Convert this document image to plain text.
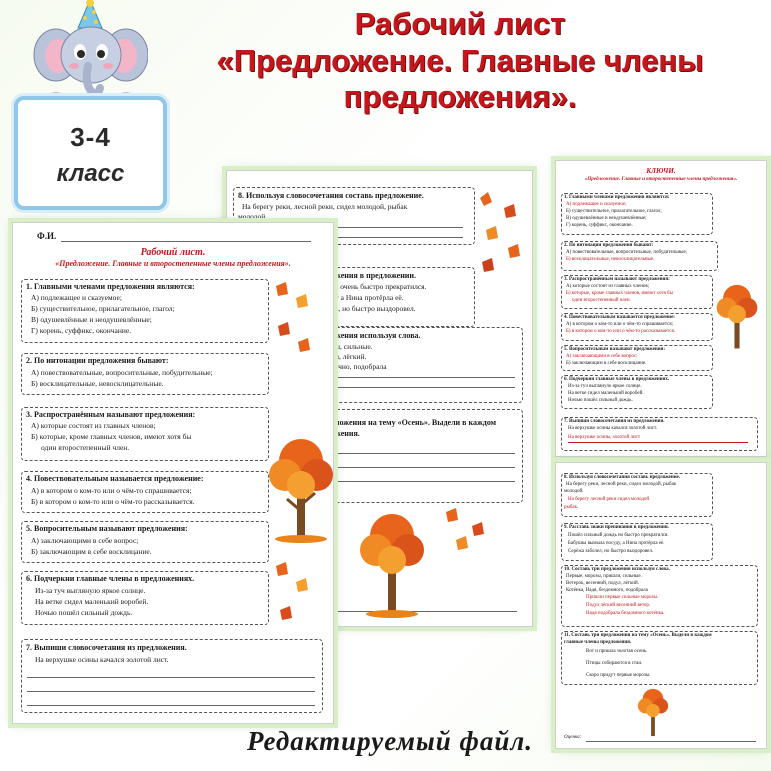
3-4
класс
Рабочий лист
«Предложение. Главные члены
предложения».
8. Используя словосочетания составь предложение.
На берегу реки, лесной реки, сидел молодой, рыбак
молодой.
жения в предложении.
ь очень быстро прекратился.
у а Нина протёрла её.
ь, но быстро выздоровел.
жения используя слова.
ы, сильные.
н, лёгкий.
ечно, подобрала
ложения на тему «Осень». Выдели в каждом
жения.
Ф.И.
Рабочий лист.
«Предложение. Главные и второстепенные члены предложения».
1. Главными членами предложения являются:
А) подлежащее и сказуемое;
Б) существительное, прилагательное, глагол;
В) одушевлённые и неодушевлённые;
Г) корень, суффикс, окончание.
2. По интонации предложения бывают:
А) повествовательные, вопросительные, побудительные;
Б) восклицательные, невосклицательные.
3. Распространённым называют предложения:
А) которые состоят из главных членов;
Б) которые, кроме главных членов, имеют хотя бы
один второстепенный член.
4. Повествовательным называется предложение:
А) в котором о ком-то или о чём-то спрашивается;
Б) в котором о ком-то или о чём-то рассказывается.
5. Вопросительным называют предложения:
А) заключающими в себе вопрос;
Б) заключающим в себе восклицание.
6. Подчеркни главные члены в предложениях.
Из-за туч выглянуло яркое солнце.
На ветке сидел маленький воробей.
Ночью пошёл сильный дождь.
7. Выпиши словосочетания из предложения.
На верхушке осины качался золотой лист.
КЛЮЧИ.
«Предложение. Главные и второстепенные члены предложения».
1. Главными членами предложения являются:
А) подлежащее и сказуемое;
Б) существительное, прилагательное, глагол;
В) одушевлённые и неодушевлённые;
Г) корень, суффикс, окончание.
2. По интонации предложения бывают:
А) повествовательные, вопросительные, побудительные;
Б) восклицательные, невосклицательные.
3. Распространённым называют предложения:
А) которые состоят из главных членов;
Б) которые, кроме главных членов, имеют хотя бы
один второстепенный член.
4. Повествовательным называется предложение:
А) в котором о ком-то или о чём-то спрашивается;
Б) в котором о ком-то или о чём-то рассказывается.
5. Вопросительным называют предложения:
А) заключающими в себе вопрос;
Б) заключающим в себе восклицание.
6. Подчеркни главные члены в предложениях.
Из-за туч выглянуло яркое солнце.
На ветке сидел маленький воробей.
Ночью пошёл сильный дождь.
7. Выпиши словосочетания из предложения.
На верхушке осины качался золотой лист.
На верхушке осины, золотой лист
8. Используя словосочетания составь предложение.
На берегу реки, лесной реки, сидел молодой, рыбак
молодой.
На берегу лесной реки сидел молодой
рыбак.
9. Расставь знаки препинания в предложении.
Пошёл сильный дождь но быстро прекратился.
Бабушка вымыла посуду, а Нина протёрла её.
Серёжа заболел, но быстро выздоровел.
10. Составь три предложения используя слова.
Первые, морозы, пришли, сильные.
Ветерок, весенний, подул, лёгкий.
Котёнка, Надя, бездомного, подобрала
Пришли первые сильные морозы.
Подул лёгкий весенний ветер.
Надя подобрала бездомного котёнка.
11. Составь три предложения на тему «Осень». Выдели в каждом
главные члены предложения.
Вот и пришла золотая осень.
Птицы собираются в стаи.
Скоро придут первые морозы.
Оценка:
Редактируемый файл.
